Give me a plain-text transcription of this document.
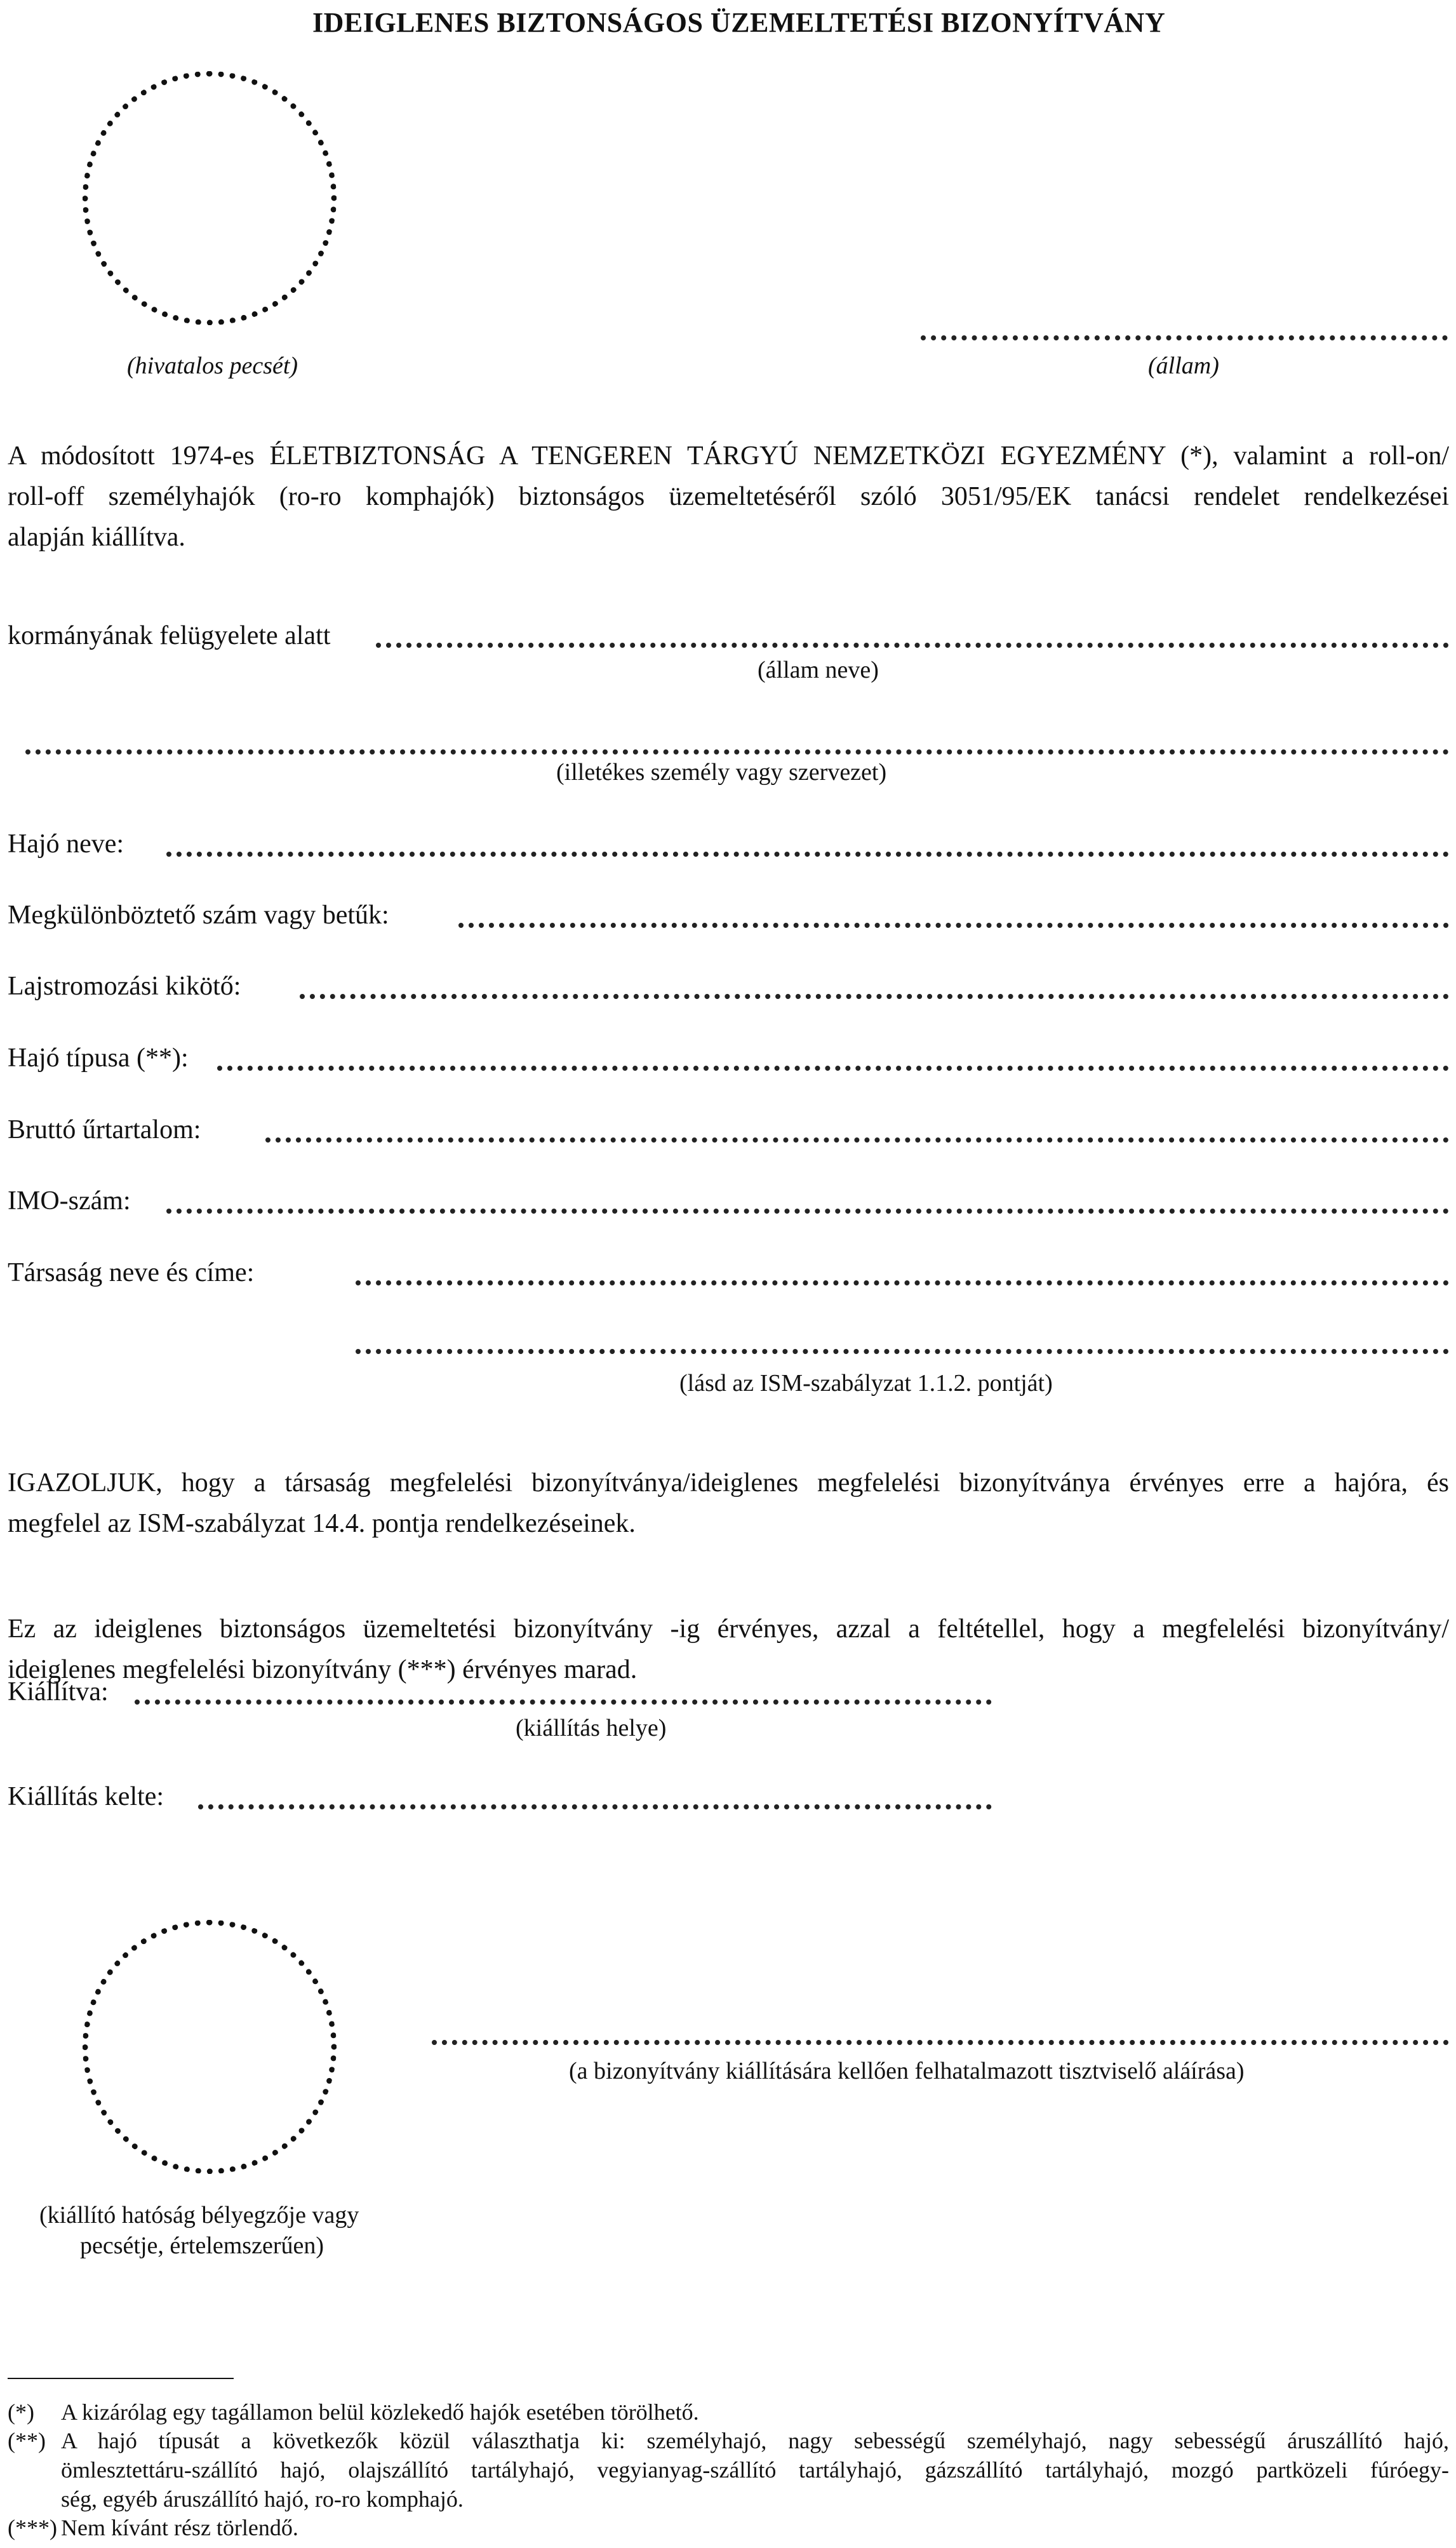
IDEIGLENES BIZTONSÁGOS ÜZEMELTETÉSI BIZONYÍTVÁNY
(hivatalos pecsét)	(állam)
A módosított 1974-es ÉLETBIZTONSÁG A TENGEREN TÁRGYÚ NEMZETKÖZI EGYEZMÉNY (*), valamint a roll-on/
roll-off személyhajók (ro-ro komphajók) biztonságos üzemeltetéséről szóló 3051/95/EK tanácsi rendelet rendelkezései
alapján kiállítva.
kormányának felügyelete alatt
(állam neve)
(illetékes személy vagy szervezet)
Hajó neve:
Megkülönböztető szám vagy betűk:
Lajstromozási kikötő:
Hajó típusa (**):
Bruttó űrtartalom:
IMO-szám:
Társaság neve és címe:
(lásd az ISM-szabályzat 1.1.2. pontját)
IGAZOLJUK, hogy a társaság megfelelési bizonyítványa/ideiglenes megfelelési bizonyítványa érvényes erre a hajóra, és
megfelel az ISM-szabályzat 14.4. pontja rendelkezéseinek.
Ez az ideiglenes biztonságos üzemeltetési bizonyítvány -ig érvényes, azzal a feltétellel, hogy a megfelelési bizonyítvány/
ideiglenes megfelelési bizonyítvány (***) érvényes marad.
Kiállítva:
(kiállítás helye)
Kiállítás kelte:
(kiállító hatóság bélyegzője vagy
pecsétje, értelemszerűen)
(a bizonyítvány kiállítására kellően felhatalmazott tisztviselő aláírása)
(*) A kizárólag egy tagállamon belül közlekedő hajók esetében törölhető.
(**) A hajó típusát a következők közül választhatja ki: személyhajó, nagy sebességű személyhajó, nagy sebességű áruszállító hajó,
ömlesztettáru-szállító hajó, olajszállító tartályhajó, vegyianyag-szállító tartályhajó, gázszállító tartályhajó, mozgó partközeli fúróegy-
ség, egyéb áruszállító hajó, ro-ro komphajó.
(***) Nem kívánt rész törlendő.
